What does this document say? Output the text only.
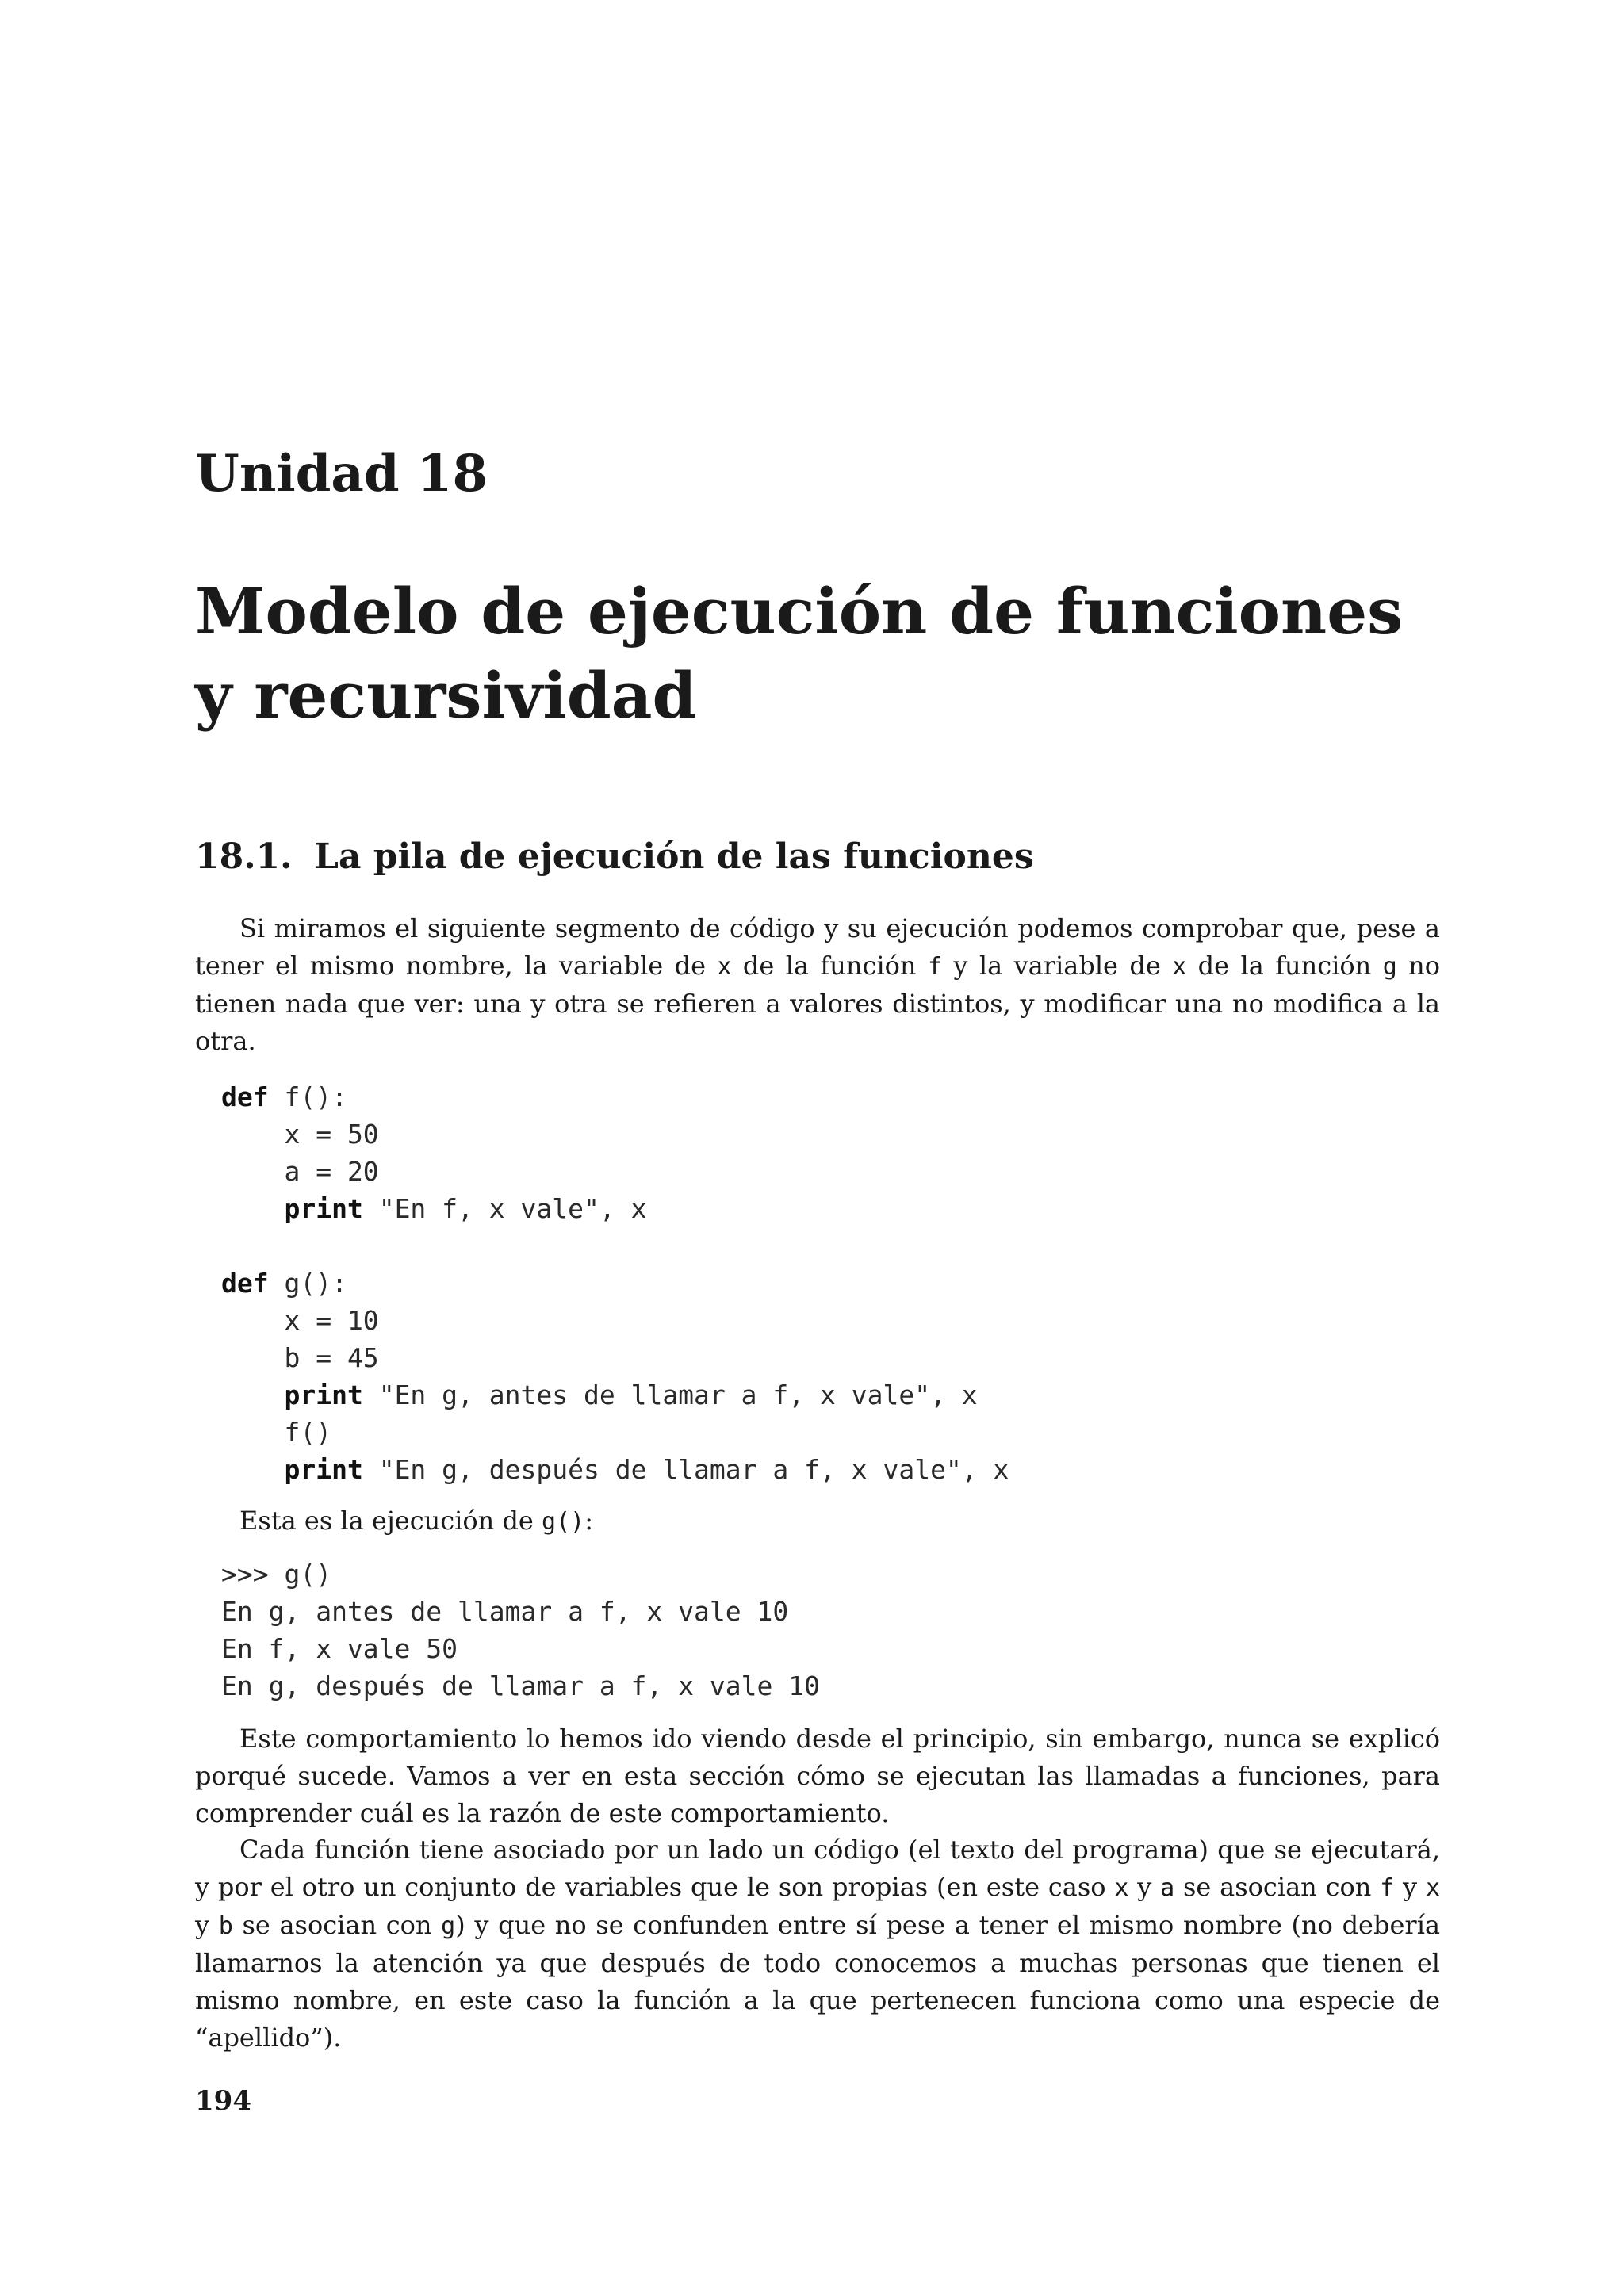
Unidad 18
Modelo de ejecución de funciones y recursividad
18.1. La pila de ejecución de las funciones

Si miramos el siguiente segmento de código y su ejecución podemos comprobar que, pese a tener el mismo nombre, la variable de x de la función f y la variable de x de la función g no tienen nada que ver: una y otra se refieren a valores distintos, y modificar una no modifica a la otra.

def f():
x = 50
a = 20
print "En f, x vale", x

def g():
x = 10
b = 45
print "En g, antes de llamar a f, x vale", x
f()
print "En g, después de llamar a f, x vale", x

Esta es la ejecución de g():

>>> g()
En g, antes de llamar a f, x vale 10
En f, x vale 50
En g, después de llamar a f, x vale 10

Este comportamiento lo hemos ido viendo desde el principio, sin embargo, nunca se explicó porqué sucede. Vamos a ver en esta sección cómo se ejecutan las llamadas a funciones, para comprender cuál es la razón de este comportamiento.

Cada función tiene asociado por un lado un código (el texto del programa) que se ejecutará, y por el otro un conjunto de variables que le son propias (en este caso x y a se asocian con f y x y b se asocian con g) y que no se confunden entre sí pese a tener el mismo nombre (no debería llamarnos la atención ya que después de todo conocemos a muchas personas que tienen el mismo nombre, en este caso la función a la que pertenecen funciona como una especie de “apellido”).

194
